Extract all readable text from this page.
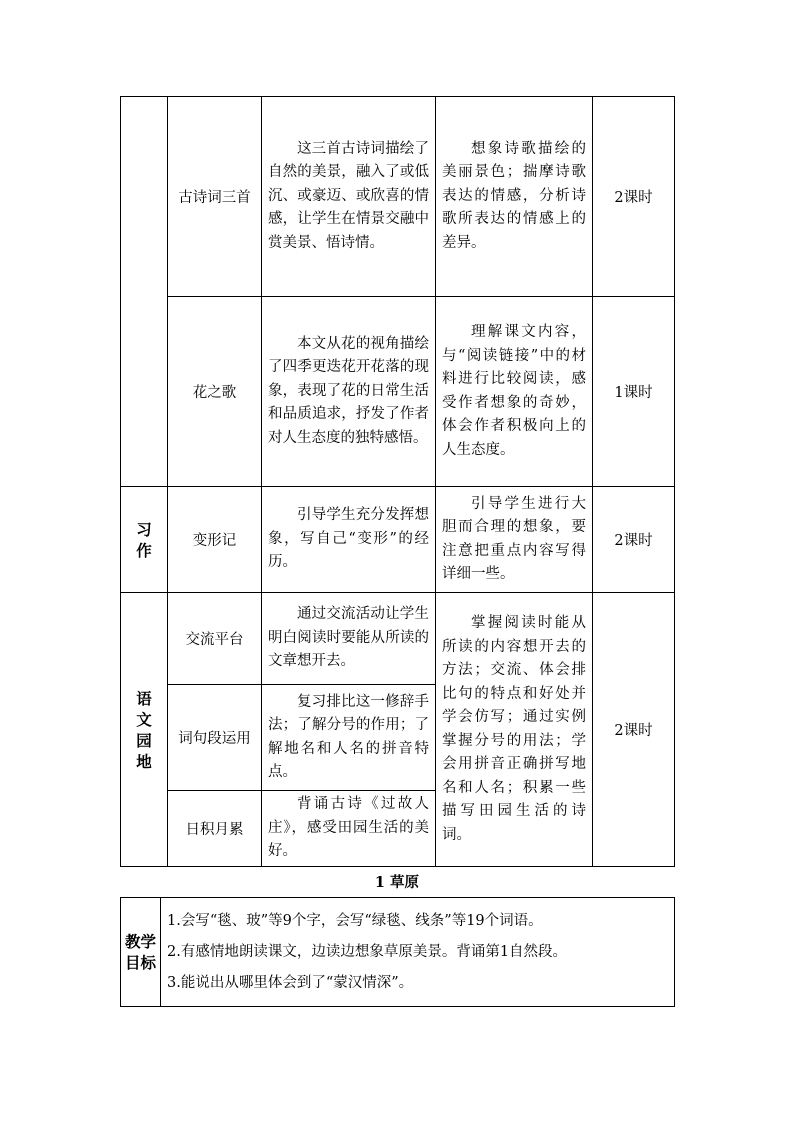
	古诗词三首	这三首古诗词描绘了自然的美景，融入了或低沉、或豪迈、或欣喜的情感，让学生在情景交融中赏美景、悟诗情。	想象诗歌描绘的美丽景色；揣摩诗歌表达的情感，分析诗歌所表达的情感上的差异。	2课时
	花之歌	本文从花的视角描绘了四季更迭花开花落的现象，表现了花的日常生活和品质追求，抒发了作者对人生态度的独特感悟。	理解课文内容，与“阅读链接”中的材料进行比较阅读，感受作者想象的奇妙，体会作者积极向上的人生态度。	1课时
习作	变形记	引导学生充分发挥想象，写自己“变形”的经历。	引导学生进行大胆而合理的想象，要注意把重点内容写得详细一些。	2课时
语文园地	交流平台	通过交流活动让学生明白阅读时要能从所读的文章想开去。	掌握阅读时能从所读的内容想开去的方法；交流、体会排比句的特点和好处并学会仿写；通过实例掌握分号的用法；学会用拼音正确拼写地名和人名；积累一些描写田园生活的诗词。	2课时
	词句段运用	复习排比这一修辞手法；了解分号的作用；了解地名和人名的拼音特点。		

	日积月累	背诵古诗《过故人庄》，感受田园生活的美好。		
1 草原
教学目标	
1.会写“毯、玻”等9个字，会写“绿毯、线条”等19个词语。
2.有感情地朗读课文，边读边想象草原美景。背诵第1自然段。
3.能说出从哪里体会到了“蒙汉情深”。
